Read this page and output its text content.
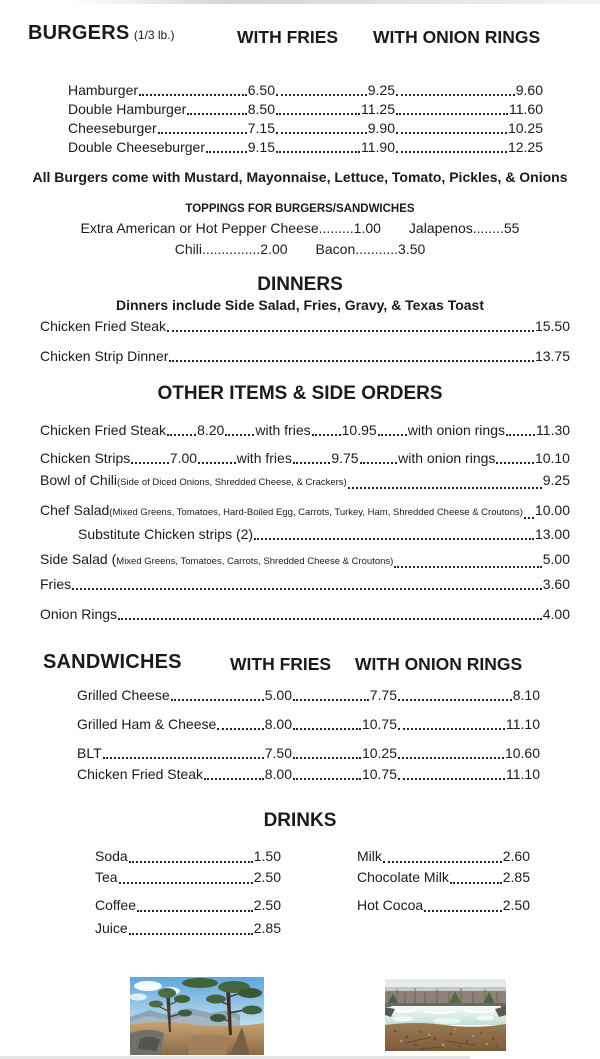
BURGERS (1/3 lb.)	WITH FRIES WITH ONION RINGS
Hamburger	6.50	9.25	9.60
Double Hamburger	8.50	11.25	11.60
Cheeseburger	7.15	9.90	10.25
Double Cheeseburger	9.15	11.90	12.25
All Burgers come with Mustard, Mayonnaise, Lettuce, Tomato, Pickles, & Onions
TOPPINGS FOR BURGERS/SANDWICHES
Extra American or Hot Pepper Cheese.........1.00 Jalapenos........55
Chili...............2.00 Bacon...........3.50
DINNERS
Dinners include Side Salad, Fries, Gravy, & Texas Toast
Chicken Fried Steak	15.50
Chicken Strip Dinner	13.75
OTHER ITEMS & SIDE ORDERS
Chicken Fried Steak 8.20 with fries 10.95 with onion rings 11.30
Chicken Strips	7.00	with fries	9.75	with onion rings	10.10
Bowl of Chili (Side of Diced Onions, Shredded Cheese, & Crackers)	9.25
Chef Salad (Mixed Greens, Tomatoes, Hard-Boiled Egg, Carrots, Turkey, Ham, Shredded Cheese & Croutons) 10.00
Substitute Chicken strips (2)	13.00
Side Salad ( Mixed Greens, Tomatoes, Carrots, Shredded Cheese & Croutons)	5.00
Fries	3.60
Onion Rings	4.00
SANDWICHES	WITH FRIES WITH ONION RINGS
Grilled Cheese	5.00	7.75	8.10
Grilled Ham & Cheese	8.00	10.75	11.10
BLT	7.50	10.25	10.60
Chicken Fried Steak	8.00	10.75	11.10
DRINKS
Soda	1.50
Tea	2.50
Coffee	2.50
Juice	2.85
Milk	2.60
Chocolate Milk	2.85
Hot Cocoa	2.50
